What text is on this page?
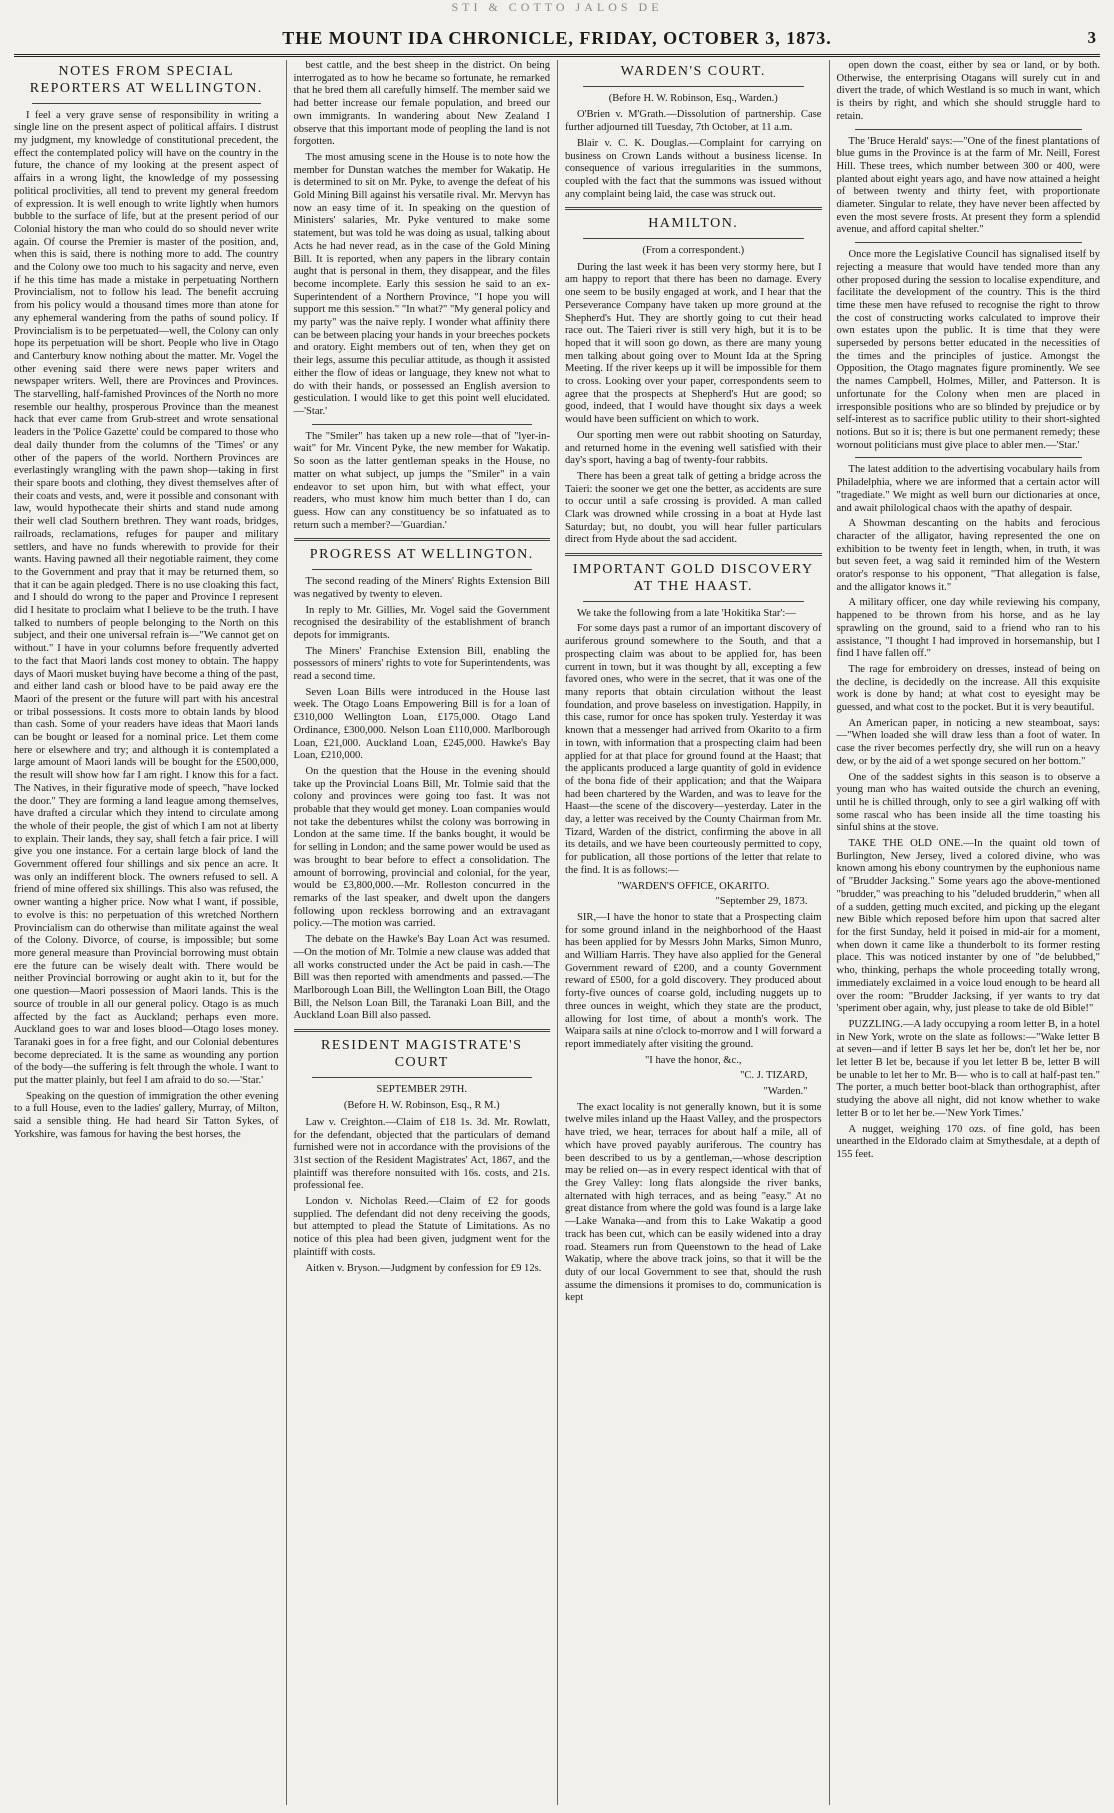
STI & COTTO JALOS DE
THE MOUNT IDA CHRONICLE, FRIDAY, OCTOBER 3, 1873.	3
NOTES FROM SPECIAL REPORTERS AT WELLINGTON.

I feel a very grave sense of responsibility in writing a single line on the present aspect of political affairs. I distrust my judgment, my knowledge of constitutional precedent, the effect the contemplated policy will have on the country in the future, the chance of my looking at the present aspect of affairs in a wrong light, the knowledge of my possessing political proclivities, all tend to prevent my general freedom of expression. It is well enough to write lightly when humors bubble to the surface of life, but at the present period of our Colonial history the man who could do so should never write again. Of course the Premier is master of the position, and, when this is said, there is nothing more to add. The country and the Colony owe too much to his sagacity and nerve, even if he this time has made a mistake in perpetuating Northern Provincialism, not to follow his lead. The benefit accruing from his policy would a thousand times more than atone for any ephemeral wandering from the paths of sound policy. If Provincialism is to be perpetuated—well, the Colony can only hope its perpetuation will be short. People who live in Otago and Canterbury know nothing about the matter. Mr. Vogel the other evening said there were news paper writers and newspaper writers. Well, there are Provinces and Provinces. The starvelling, half-famished Provinces of the North no more resemble our healthy, prosperous Province than the meanest hack that ever came from Grub-street and wrote sensational leaders in the 'Police Gazette' could be compared to those who deal daily thunder from the columns of the 'Times' or any other of the papers of the world. Northern Provinces are everlastingly wrangling with the pawn shop—taking in first their spare boots and clothing, they divest themselves after of their coats and vests, and, were it possible and consonant with law, would hypothecate their shirts and stand nude among their well clad Southern brethren. They want roads, bridges, railroads, reclamations, refuges for pauper and military settlers, and have no funds wherewith to provide for their wants. Having pawned all their negotiable raiment, they come to the Government and pray that it may be returned them, so that it can be again pledged. There is no use cloaking this fact, and I should do wrong to the paper and Province I represent did I hesitate to proclaim what I believe to be the truth. I have talked to numbers of people belonging to the North on this subject, and their one universal refrain is—"We cannot get on without." I have in your columns before frequently adverted to the fact that Maori lands cost money to obtain. The happy days of Maori musket buying have become a thing of the past, and either land cash or blood have to be paid away ere the Maori of the present or the future will part with his ancestral or tribal possessions. It costs more to obtain lands by blood than cash. Some of your readers have ideas that Maori lands can be bought or leased for a nominal price. Let them come here or elsewhere and try; and although it is contemplated a large amount of Maori lands will be bought for the £500,000, the result will show how far I am right. I know this for a fact. The Natives, in their figurative mode of speech, "have locked the door." They are forming a land league among themselves, have drafted a circular which they intend to circulate among the whole of their people, the gist of which I am not at liberty to explain. Their lands, they say, shall fetch a fair price. I will give you one instance. For a certain large block of land the Government offered four shillings and six pence an acre. It was only an indifferent block. The owners refused to sell. A friend of mine offered six shillings. This also was refused, the owner wanting a higher price. Now what I want, if possible, to evolve is this: no perpetuation of this wretched Northern Provincialism can do otherwise than militate against the weal of the Colony. Divorce, of course, is impossible; but some more general measure than Provincial borrowing must obtain ere the future can be wisely dealt with. There would be neither Provincial borrowing or aught akin to it, but for the one question—Maori possession of Maori lands. This is the source of trouble in all our general policy. Otago is as much affected by the fact as Auckland; perhaps even more. Auckland goes to war and loses blood—Otago loses money. Taranaki goes in for a free fight, and our Colonial debentures become depreciated. It is the same as wounding any portion of the body—the suffering is felt through the whole. I want to put the matter plainly, but feel I am afraid to do so.—'Star.'

Speaking on the question of immigration the other evening to a full House, even to the ladies' gallery, Murray, of Milton, said a sensible thing. He had heard Sir Tatton Sykes, of Yorkshire, was famous for having the best horses, the

best cattle, and the best sheep in the district. On being interrogated as to how he became so fortunate, he remarked that he bred them all carefully himself. The member said we had better increase our female population, and breed our own immigrants. In wandering about New Zealand I observe that this important mode of peopling the land is not forgotten.

The most amusing scene in the House is to note how the member for Dunstan watches the member for Wakatip. He is determined to sit on Mr. Pyke, to avenge the defeat of his Gold Mining Bill against his versatile rival. Mr. Mervyn has now an easy time of it. In speaking on the question of Ministers' salaries, Mr. Pyke ventured to make some statement, but was told he was doing as usual, talking about Acts he had never read, as in the case of the Gold Mining Bill. It is reported, when any papers in the library contain aught that is personal in them, they disappear, and the files become incomplete. Early this session he said to an ex-Superintendent of a Northern Province, "I hope you will support me this session." "In what?" "My general policy and my party" was the naive reply. I wonder what affinity there can be between placing your hands in your breeches pockets and oratory. Eight members out of ten, when they get on their legs, assume this peculiar attitude, as though it assisted either the flow of ideas or language, they knew not what to do with their hands, or possessed an English aversion to gesticulation. I would like to get this point well elucidated.—'Star.'

The "Smiler" has taken up a new role—that of "lyer-in-wait" for Mr. Vincent Pyke, the new member for Wakatip. So soon as the latter gentleman speaks in the House, no matter on what subject, up jumps the "Smiler" in a vain endeavor to set upon him, but with what effect, your readers, who must know him much better than I do, can guess. How can any constituency be so infatuated as to return such a member?—'Guardian.'

PROGRESS AT WELLINGTON.

The second reading of the Miners' Rights Extension Bill was negatived by twenty to eleven.

In reply to Mr. Gillies, Mr. Vogel said the Government recognised the desirability of the establishment of branch depots for immigrants.

The Miners' Franchise Extension Bill, enabling the possessors of miners' rights to vote for Superintendents, was read a second time.

Seven Loan Bills were introduced in the House last week. The Otago Loans Empowering Bill is for a loan of £310,000 Wellington Loan, £175,000. Otago Land Ordinance, £300,000. Nelson Loan £110,000. Marlborough Loan, £21,000. Auckland Loan, £245,000. Hawke's Bay Loan, £210,000.

On the question that the House in the evening should take up the Provincial Loans Bill, Mr. Tolmie said that the colony and provinces were going too fast. It was not probable that they would get money. Loan companies would not take the debentures whilst the colony was borrowing in London at the same time. If the banks bought, it would be for selling in London; and the same power would be used as was brought to bear before to effect a consolidation. The amount of borrowing, provincial and colonial, for the year, would be £3,800,000.—Mr. Rolleston concurred in the remarks of the last speaker, and dwelt upon the dangers following upon reckless borrowing and an extravagant policy.—The motion was carried.

The debate on the Hawke's Bay Loan Act was resumed.—On the motion of Mr. Tolmie a new clause was added that all works constructed under the Act be paid in cash.—The Bill was then reported with amendments and passed.—The Marlborough Loan Bill, the Wellington Loan Bill, the Otago Bill, the Nelson Loan Bill, the Taranaki Loan Bill, and the Auckland Loan Bill also passed.

RESIDENT MAGISTRATE'S COURT
SEPTEMBER 29TH.
(Before H. W. Robinson, Esq., R M.)

Law v. Creighton.—Claim of £18 1s. 3d. Mr. Rowlatt, for the defendant, objected that the particulars of demand furnished were not in accordance with the provisions of the 31st section of the Resident Magistrates' Act, 1867, and the plaintiff was therefore nonsuited with 16s. costs, and 21s. professional fee.

London v. Nicholas Reed.—Claim of £2 for goods supplied. The defendant did not deny receiving the goods, but attempted to plead the Statute of Limitations. As no notice of this plea had been given, judgment went for the plaintiff with costs.

Aitken v. Bryson.—Judgment by confession for £9 12s.

WARDEN'S COURT.
(Before H. W. Robinson, Esq., Warden.)

O'Brien v. M'Grath.—Dissolution of partnership. Case further adjourned till Tuesday, 7th October, at 11 a.m.

Blair v. C. K. Douglas.—Complaint for carrying on business on Crown Lands without a business license. In consequence of various irregularities in the summons, coupled with the fact that the summons was issued without any complaint being laid, the case was struck out.

HAMILTON.
(From a correspondent.)

During the last week it has been very stormy here, but I am happy to report that there has been no damage. Every one seem to be busily engaged at work, and I hear that the Perseverance Company have taken up more ground at the Shepherd's Hut. They are shortly going to cut their head race out. The Taieri river is still very high, but it is to be hoped that it will soon go down, as there are many young men talking about going over to Mount Ida at the Spring Meeting. If the river keeps up it will be impossible for them to cross. Looking over your paper, correspondents seem to agree that the prospects at Shepherd's Hut are good; so good, indeed, that I would have thought six days a week would have been sufficient on which to work.

Our sporting men were out rabbit shooting on Saturday, and returned home in the evening well satisfied with their day's sport, having a bag of twenty-four rabbits.

There has been a great talk of getting a bridge across the Taieri: the sooner we get one the better, as accidents are sure to occur until a safe crossing is provided. A man called Clark was drowned while crossing in a boat at Hyde last Saturday; but, no doubt, you will hear fuller particulars direct from Hyde about the sad accident.

IMPORTANT GOLD DISCOVERY AT THE HAAST.

We take the following from a late 'Hokitika Star':—

For some days past a rumor of an important discovery of auriferous ground somewhere to the South, and that a prospecting claim was about to be applied for, has been current in town, but it was thought by all, excepting a few favored ones, who were in the secret, that it was one of the many reports that obtain circulation without the least foundation, and prove baseless on investigation. Happily, in this case, rumor for once has spoken truly. Yesterday it was known that a messenger had arrived from Okarito to a firm in town, with information that a prospecting claim had been applied for at that place for ground found at the Haast; that the applicants produced a large quantity of gold in evidence of the bona fide of their application; and that the Waipara had been chartered by the Warden, and was to leave for the Haast—the scene of the discovery—yesterday. Later in the day, a letter was received by the County Chairman from Mr. Tizard, Warden of the district, confirming the above in all its details, and we have been courteously permitted to copy, for publication, all those portions of the letter that relate to the find. It is as follows:—

"WARDEN'S OFFICE, OKARITO.

"September 29, 1873.

SIR,—I have the honor to state that a Prospecting claim for some ground inland in the neighborhood of the Haast has been applied for by Messrs John Marks, Simon Munro, and William Harris. They have also applied for the General Government reward of £200, and a county Government reward of £500, for a gold discovery. They produced about forty-five ounces of coarse gold, including nuggets up to three ounces in weight, which they state are the product, allowing for lost time, of about a month's work. The Waipara sails at nine o'clock to-morrow and I will forward a report immediately after visiting the ground.

"I have the honor, &c.,

"C. J. TIZARD,

"Warden."

The exact locality is not generally known, but it is some twelve miles inland up the Haast Valley, and the prospectors have tried, we hear, terraces for about half a mile, all of which have proved payably auriferous. The country has been described to us by a gentleman,—whose description may be relied on—as in every respect identical with that of the Grey Valley: long flats alongside the river banks, alternated with high terraces, and as being "easy." At no great distance from where the gold was found is a large lake—Lake Wanaka—and from this to Lake Wakatip a good track has been cut, which can be easily widened into a dray road. Steamers run from Queenstown to the head of Lake Wakatip, where the above track joins, so that it will be the duty of our local Government to see that, should the rush assume the dimensions it promises to do, communication is kept

open down the coast, either by sea or land, or by both. Otherwise, the enterprising Otagans will surely cut in and divert the trade, of which Westland is so much in want, which is theirs by right, and which she should struggle hard to retain.

The 'Bruce Herald' says:—"One of the finest plantations of blue gums in the Province is at the farm of Mr. Neill, Forest Hill. These trees, which number between 300 or 400, were planted about eight years ago, and have now attained a height of between twenty and thirty feet, with proportionate diameter. Singular to relate, they have never been affected by even the most severe frosts. At present they form a splendid avenue, and afford capital shelter."

Once more the Legislative Council has signalised itself by rejecting a measure that would have tended more than any other proposed during the session to localise expenditure, and facilitate the development of the country. This is the third time these men have refused to recognise the right to throw the cost of constructing works calculated to improve their own estates upon the public. It is time that they were superseded by persons better educated in the necessities of the times and the principles of justice. Amongst the Opposition, the Otago magnates figure prominently. We see the names Campbell, Holmes, Miller, and Patterson. It is unfortunate for the Colony when men are placed in irresponsible positions who are so blinded by prejudice or by self-interest as to sacrifice public utility to their short-sighted notions. But so it is; there is but one permanent remedy; these wornout politicians must give place to abler men.—'Star.'

The latest addition to the advertising vocabulary hails from Philadelphia, where we are informed that a certain actor will "tragediate." We might as well burn our dictionaries at once, and await philological chaos with the apathy of despair.

A Showman descanting on the habits and ferocious character of the alligator, having represented the one on exhibition to be twenty feet in length, when, in truth, it was but seven feet, a wag said it reminded him of the Western orator's response to his opponent, "That allegation is false, and the alligator knows it."

A military officer, one day while reviewing his company, happened to be thrown from his horse, and as he lay sprawling on the ground, said to a friend who ran to his assistance, "I thought I had improved in horsemanship, but I find I have fallen off."

The rage for embroidery on dresses, instead of being on the decline, is decidedly on the increase. All this exquisite work is done by hand; at what cost to eyesight may be guessed, and what cost to the pocket. But it is very beautiful.

An American paper, in noticing a new steamboat, says:—"When loaded she will draw less than a foot of water. In case the river becomes perfectly dry, she will run on a heavy dew, or by the aid of a wet sponge secured on her bottom."

One of the saddest sights in this season is to observe a young man who has waited outside the church an evening, until he is chilled through, only to see a girl walking off with some rascal who has been inside all the time toasting his sinful shins at the stove.

TAKE THE OLD ONE.—In the quaint old town of Burlington, New Jersey, lived a colored divine, who was known among his ebony countrymen by the euphonious name of "Brudder Jacksing." Some years ago the above-mentioned "brudder," was preaching to his "deluded brudderin," when all of a sudden, getting much excited, and picking up the elegant new Bible which reposed before him upon that sacred alter for the first Sunday, held it poised in mid-air for a moment, when down it came like a thunderbolt to its former resting place. This was noticed instanter by one of "de belubbed," who, thinking, perhaps the whole proceeding totally wrong, immediately exclaimed in a voice loud enough to be heard all over the room: "Brudder Jacksing, if yer wants to try dat 'speriment ober again, why, just please to take de old Bible!"

PUZZLING.—A lady occupying a room letter B, in a hotel in New York, wrote on the slate as follows:—"Wake letter B at seven—and if letter B says let her be, don't let her be, nor let letter B let be, because if you let letter B be, letter B will be unable to let her to Mr. B— who is to call at half-past ten." The porter, a much better boot-black than orthographist, after studying the above all night, did not know whether to wake letter B or to let her be.—'New York Times.'

A nugget, weighing 170 ozs. of fine gold, has been unearthed in the Eldorado claim at Smythesdale, at a depth of 155 feet.
